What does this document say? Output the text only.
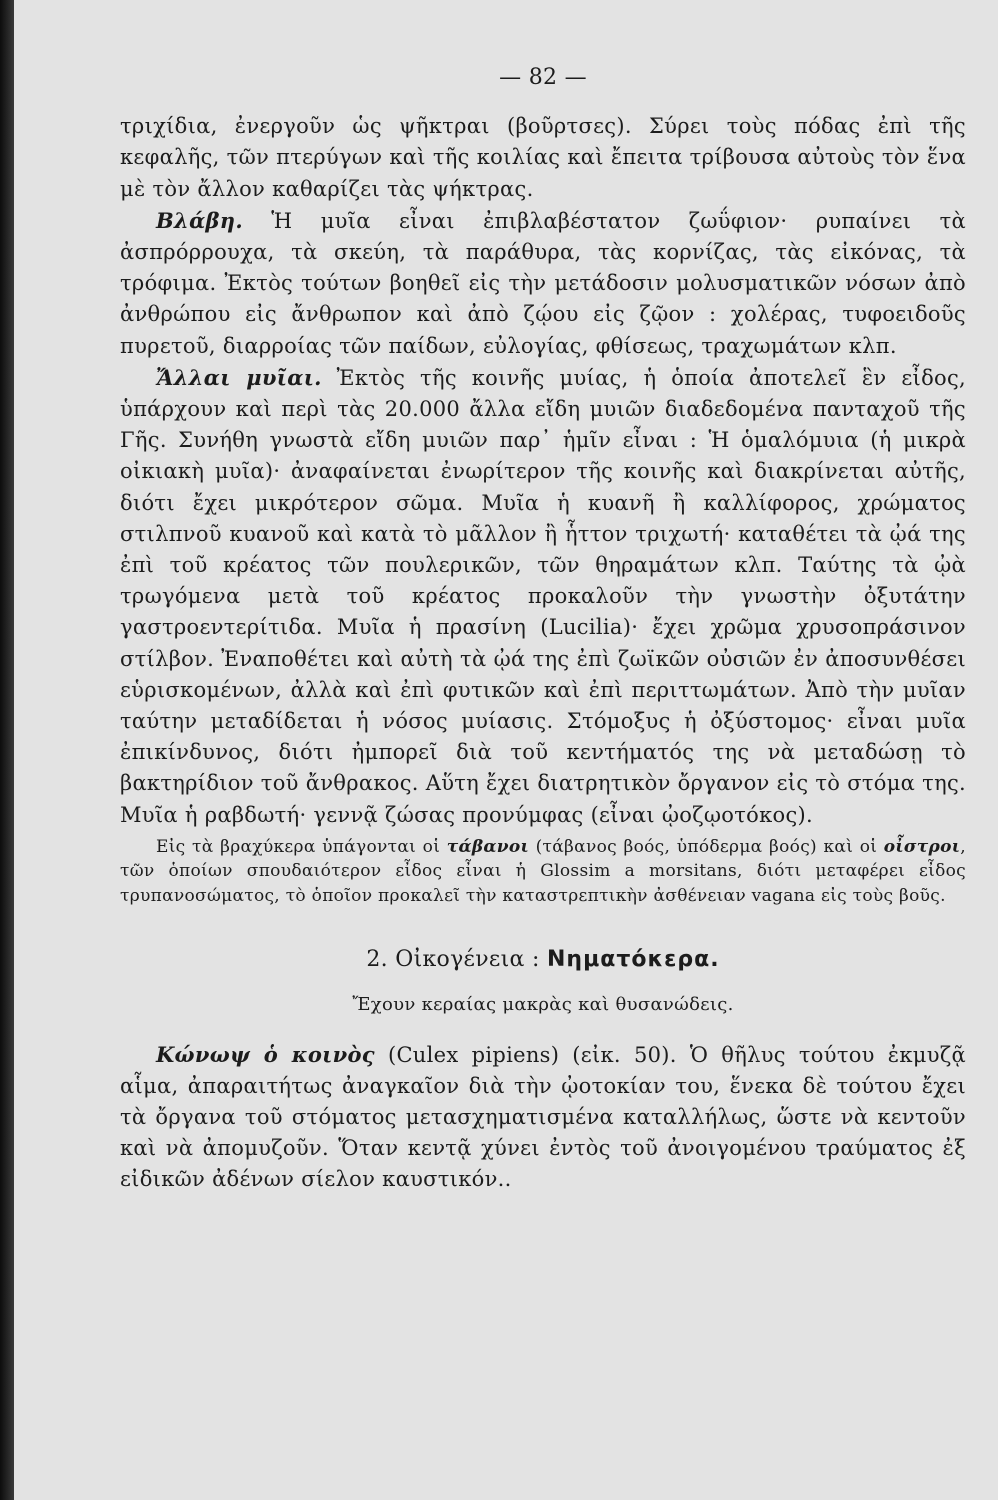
— 82 —

τριχίδια, ἐνεργοῦν ὡς ψῆκτραι (βοῦρτσες). Σύρει τοὺς πόδας ἐπὶ τῆς κεφαλῆς, τῶν πτερύγων καὶ τῆς κοιλίας καὶ ἔπειτα τρίβουσα αὐτοὺς τὸν ἕνα μὲ τὸν ἄλλον καθαρίζει τὰς ψήκτρας.

Βλάβη. Ἡ μυῖα εἶναι ἐπιβλαβέστατον ζωΰφιον· ρυπαίνει τὰ ἀσπρόρρουχα, τὰ σκεύη, τὰ παράθυρα, τὰς κορνίζας, τὰς εἰκόνας, τὰ τρόφιμα. Ἐκτὸς τούτων βοηθεῖ εἰς τὴν μετάδοσιν μολυσματικῶν νόσων ἀπὸ ἀνθρώπου εἰς ἄνθρωπον καὶ ἀπὸ ζῴου εἰς ζῷον : χολέρας, τυφοειδοῦς πυρετοῦ, διαρροίας τῶν παίδων, εὐλογίας, φθίσεως, τραχωμάτων κλπ.

Ἄλλαι μυῖαι. Ἐκτὸς τῆς κοινῆς μυίας, ἡ ὁποία ἀποτελεῖ ἓν εἶδος, ὑπάρχουν καὶ περὶ τὰς 20.000 ἄλλα εἴδη μυιῶν διαδεδομένα πανταχοῦ τῆς Γῆς. Συνήθη γνωστὰ εἴδη μυιῶν παρ᾿ ἡμῖν εἶναι : Ἡ ὁμαλόμυια (ἡ μικρὰ οἰκιακὴ μυῖα)· ἀναφαίνεται ἐνωρίτερον τῆς κοινῆς καὶ διακρίνεται αὐτῆς, διότι ἔχει μικρότερον σῶμα. Μυῖα ἡ κυανῆ ἢ καλλίφορος, χρώματος στιλπνοῦ κυανοῦ καὶ κατὰ τὸ μᾶλλον ἢ ἧττον τριχωτή· καταθέτει τὰ ᾠά της ἐπὶ τοῦ κρέατος τῶν πουλερικῶν, τῶν θηραμάτων κλπ. Ταύτης τὰ ᾠὰ τρωγόμενα μετὰ τοῦ κρέατος προκαλοῦν τὴν γνωστὴν ὀξυτάτην γαστροεντερίτιδα. Μυῖα ἡ πρασίνη (Lucilia)· ἔχει χρῶμα χρυσοπράσινον στίλβον. Ἐναποθέτει καὶ αὐτὴ τὰ ᾠά της ἐπὶ ζωϊκῶν οὐσιῶν ἐν ἀποσυνθέσει εὑρισκομένων, ἀλλὰ καὶ ἐπὶ φυτικῶν καὶ ἐπὶ περιττωμάτων. Ἀπὸ τὴν μυῖαν ταύτην μεταδίδεται ἡ νόσος μυίασις. Στόμοξυς ἡ ὀξύστομος· εἶναι μυῖα ἐπικίνδυνος, διότι ἠμπορεῖ διὰ τοῦ κεντήματός της νὰ μεταδώσῃ τὸ βακτηρίδιον τοῦ ἄνθρακος. Αὕτη ἔχει διατρητικὸν ὄργανον εἰς τὸ στόμα της. Μυῖα ἡ ραβδωτή· γεννᾷ ζώσας προνύμφας (εἶναι ᾠοζῳοτόκος).

Εἰς τὰ βραχύκερα ὑπάγονται οἱ τάβανοι (τάβανος βοός, ὑπόδερμα βοός) καὶ οἱ οἶστροι, τῶν ὁποίων σπουδαιότερον εἶδος εἶναι ἡ Glossim a morsitans, διότι μεταφέρει εἶδος τρυπανοσώματος, τὸ ὁποῖον προκαλεῖ τὴν καταστρεπτικὴν ἀσθένειαν vagana εἰς τοὺς βοῦς.

2. Οἰκογένεια : Νηματόκερα.
Ἔχουν κεραίας μακρὰς καὶ θυσανώδεις.

Κώνωψ ὁ κοινὸς (Culex pipiens) (εἰκ. 50). Ὁ θῆλυς τούτου ἐκμυζᾷ αἷμα, ἀπαραιτήτως ἀναγκαῖον διὰ τὴν ᾠοτοκίαν του, ἕνεκα δὲ τούτου ἔχει τὰ ὄργανα τοῦ στόματος μετασχηματισμένα καταλλήλως, ὥστε νὰ κεντοῦν καὶ νὰ ἀπομυζοῦν. Ὅταν κεντᾷ χύνει ἐντὸς τοῦ ἀνοιγομένου τραύματος ἐξ εἰδικῶν ἀδένων σίελον καυστικόν..
